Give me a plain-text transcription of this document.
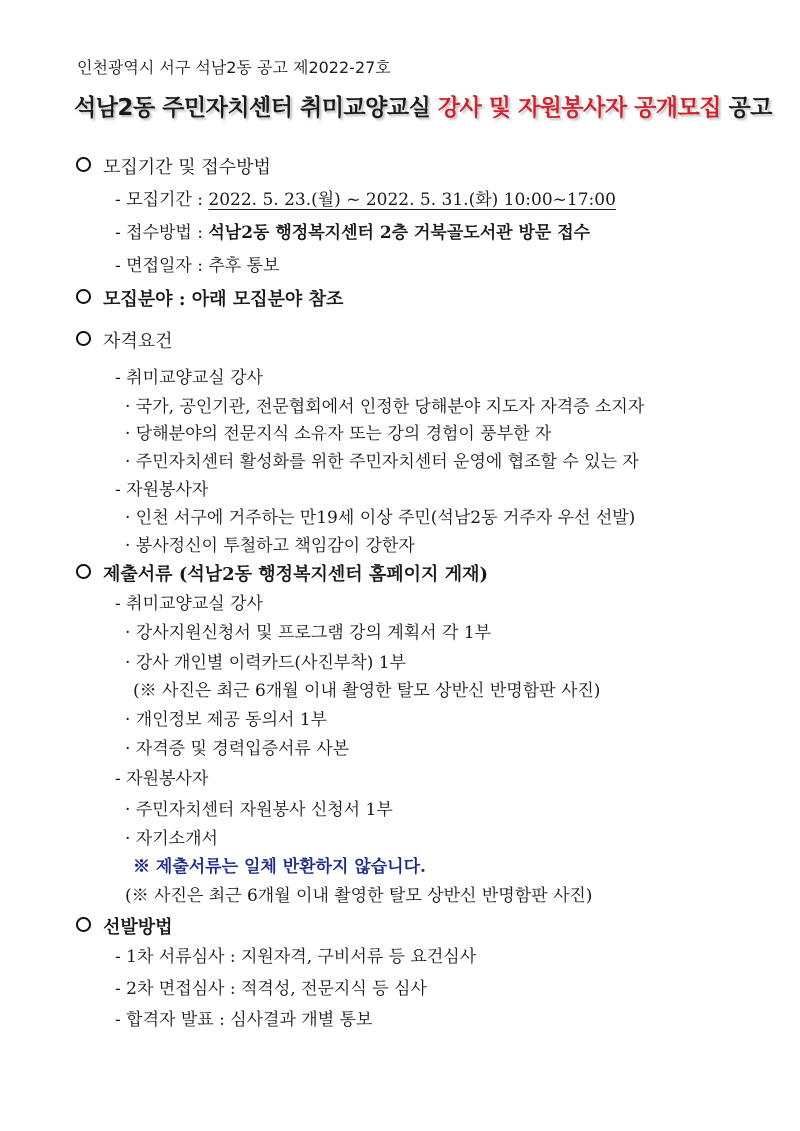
인천광역시 서구 석남2동 공고 제2022-27호
석남2동 주민자치센터 취미교양교실 강사 및 자원봉사자 공개모집 공고
모집기간 및 접수방법
- 모집기간 : 2022. 5. 23.(월) ~ 2022. 5. 31.(화) 10:00~17:00
- 접수방법 : 석남2동 행정복지센터 2층 거북골도서관 방문 접수
- 면접일자 : 추후 통보
모집분야 : 아래 모집분야 참조
자격요건
- 취미교양교실 강사
· 국가, 공인기관, 전문협회에서 인정한 당해분야 지도자 자격증 소지자
· 당해분야의 전문지식 소유자 또는 강의 경험이 풍부한 자
· 주민자치센터 활성화를 위한 주민자치센터 운영에 협조할 수 있는 자
- 자원봉사자
· 인천 서구에 거주하는 만19세 이상 주민(석남2동 거주자 우선 선발)
· 봉사정신이 투철하고 책임감이 강한자
제출서류 (석남2동 행정복지센터 홈페이지 게재)
- 취미교양교실 강사
· 강사지원신청서 및 프로그램 강의 계획서 각 1부
· 강사 개인별 이력카드(사진부착) 1부
(※ 사진은 최근 6개월 이내 촬영한 탈모 상반신 반명함판 사진)
· 개인정보 제공 동의서 1부
· 자격증 및 경력입증서류 사본
- 자원봉사자
· 주민자치센터 자원봉사 신청서 1부
· 자기소개서
※ 제출서류는 일체 반환하지 않습니다.
(※ 사진은 최근 6개월 이내 촬영한 탈모 상반신 반명함판 사진)
선발방법
- 1차 서류심사 : 지원자격, 구비서류 등 요건심사
- 2차 면접심사 : 적격성, 전문지식 등 심사
- 합격자 발표 : 심사결과 개별 통보
